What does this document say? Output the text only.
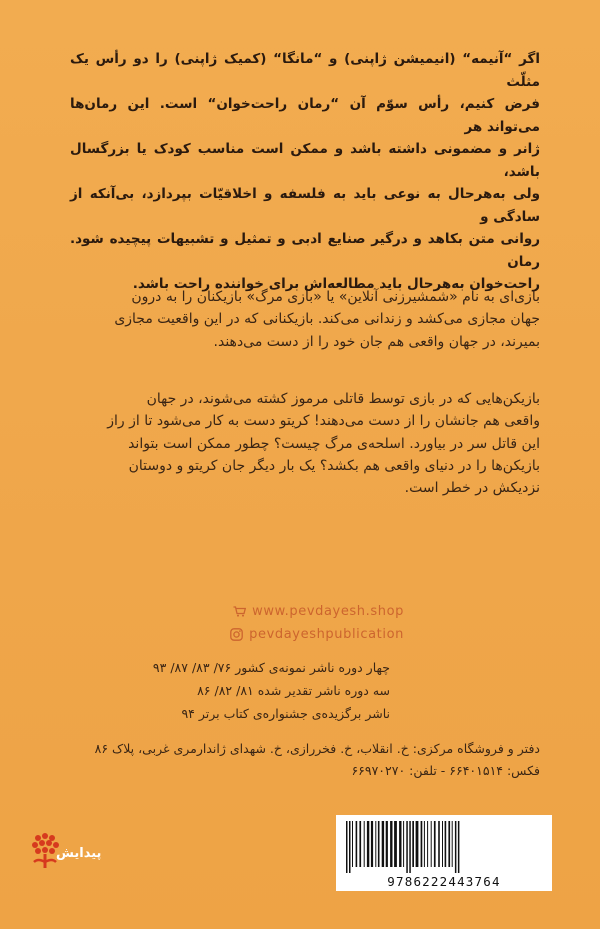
اگر “آنیمه“ (انیمیشن ژاپنی) و “مانگا“ (کمیک ژاپنی) را دو رأس یک مثلّث
فرض کنیم، رأس سوّم آن “رمان راحت‌خوان“ است. این رمان‌ها می‌تواند هر
ژانر و مضمونی داشته باشد و ممکن است مناسب کودک یا بزرگسال باشد،
ولی به‌هرحال به نوعی باید به فلسفه و اخلاقیّات بپردازد، بی‌آنکه از سادگی و
روانی متن بکاهد و درگیر صنایع ادبی و تمثیل و تشبیهات پیچیده شود. رمان
راحت‌خوان به‌هرحال باید مطالعه‌اش برای خواننده راحت باشد.
بازی‌ای به نام «شمشیرزنی آنلاین» یا «بازی مرگ» بازیکنان را به درون
جهان مجازی می‌کشد و زندانی می‌کند. بازیکنانی که در این واقعیت مجازی
بمیرند، در جهان واقعی هم جان خود را از دست می‌دهند.
بازیکن‌هایی که در بازی توسط قاتلی مرموز کشته می‌شوند، در جهان
واقعی هم جانشان را از دست می‌دهند! کریتو دست به کار می‌شود تا از راز
این قاتل سر در بیاورد. اسلحه‌ی مرگ چیست؟ چطور ممکن است بتواند
بازیکن‌ها را در دنیای واقعی هم بکشد؟ یک بار دیگر جان کریتو و دوستان
نزدیکش در خطر است.
www.pevdayesh.shop
pevdayeshpublication
چهار دوره ناشر نمونه‌ی کشور ۷۶/ ۸۳/ ۸۷/ ۹۳
سه دوره ناشر تقدیر شده ۸۱/ ۸۲/ ۸۶
ناشر برگزیده‌ی جشنواره‌ی کتاب برتر ۹۴
دفتر و فروشگاه مرکزی: خ. انقلاب، خ. فخررازی، خ. شهدای ژاندارمری غربی، پلاک ۸۶
فکس: ۶۶۴۰۱۵۱۴ - تلفن: ۶۶۹۷۰۲۷۰
پیدایش
9786222443764
